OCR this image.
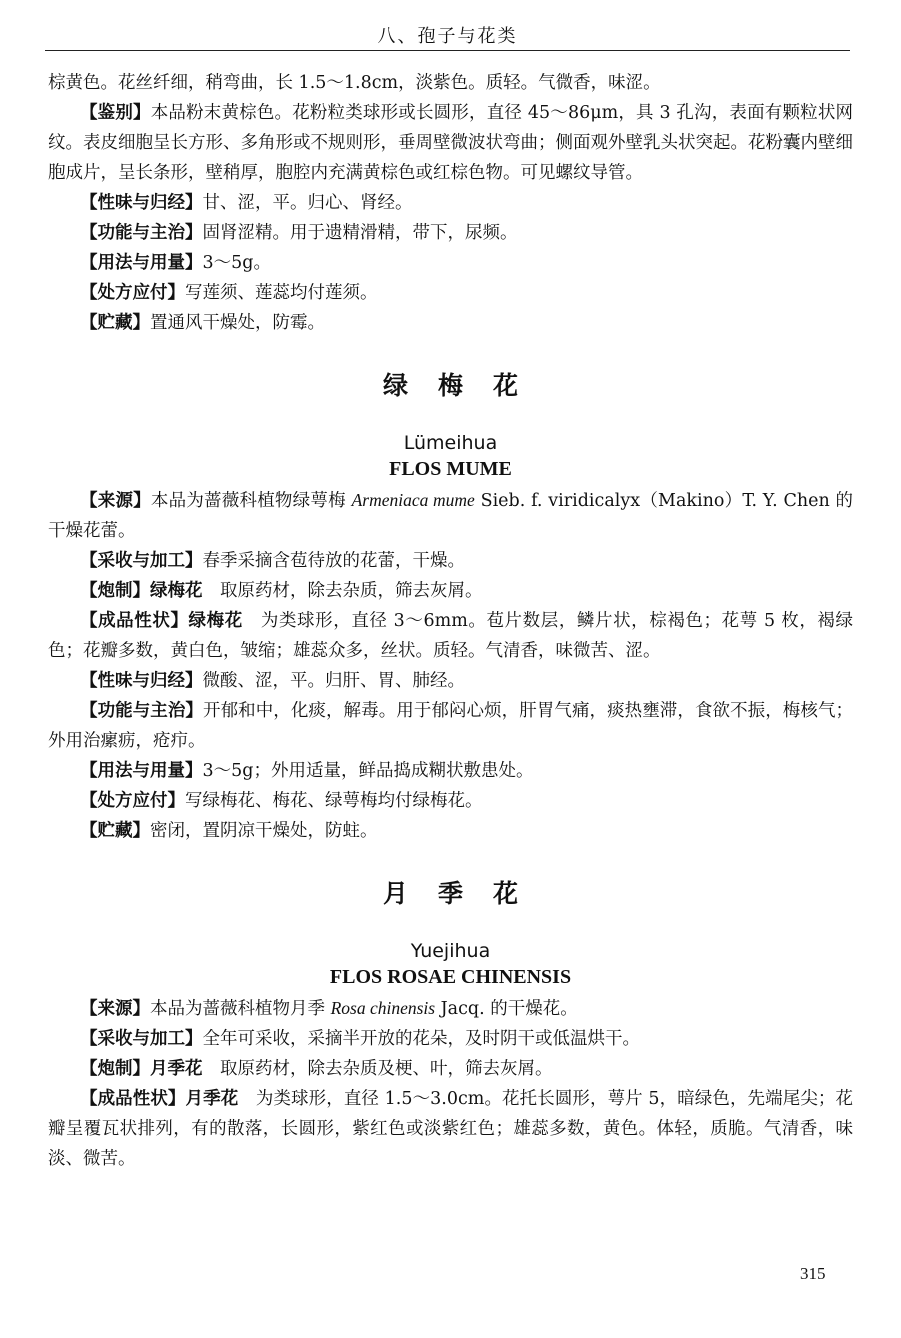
八、孢子与花类

棕黄色。花丝纤细，稍弯曲，长 1.5～1.8cm，淡紫色。质轻。气微香，味涩。

【鉴别】本品粉末黄棕色。花粉粒类球形或长圆形，直径 45～86μm，具 3 孔沟，表面有颗粒状网纹。表皮细胞呈长方形、多角形或不规则形，垂周壁微波状弯曲；侧面观外壁乳头状突起。花粉囊内壁细胞成片，呈长条形，壁稍厚，胞腔内充满黄棕色或红棕色物。可见螺纹导管。

【性味与归经】甘、涩，平。归心、肾经。

【功能与主治】固肾涩精。用于遗精滑精，带下，尿频。

【用法与用量】3～5g。

【处方应付】写莲须、莲蕊均付莲须。

【贮藏】置通风干燥处，防霉。

绿梅花

Lümeihua

FLOS MUME

【来源】本品为蔷薇科植物绿萼梅 Armeniaca mume Sieb. f. viridicalyx（Makino）T. Y. Chen 的干燥花蕾。

【采收与加工】春季采摘含苞待放的花蕾，干燥。

【炮制】绿梅花　取原药材，除去杂质，筛去灰屑。

【成品性状】绿梅花　为类球形，直径 3～6mm。苞片数层，鳞片状，棕褐色；花萼 5 枚，褐绿色；花瓣多数，黄白色，皱缩；雄蕊众多，丝状。质轻。气清香，味微苦、涩。

【性味与归经】微酸、涩，平。归肝、胃、肺经。

【功能与主治】开郁和中，化痰，解毒。用于郁闷心烦，肝胃气痛，痰热壅滞，食欲不振，梅核气；外用治瘰疬，疮疖。

【用法与用量】3～5g；外用适量，鲜品捣成糊状敷患处。

【处方应付】写绿梅花、梅花、绿萼梅均付绿梅花。

【贮藏】密闭，置阴凉干燥处，防蛀。

月季花

Yuejihua

FLOS ROSAE CHINENSIS

【来源】本品为蔷薇科植物月季 Rosa chinensis Jacq. 的干燥花。

【采收与加工】全年可采收，采摘半开放的花朵，及时阴干或低温烘干。

【炮制】月季花　取原药材，除去杂质及梗、叶，筛去灰屑。

【成品性状】月季花　为类球形，直径 1.5～3.0cm。花托长圆形，萼片 5，暗绿色，先端尾尖；花瓣呈覆瓦状排列，有的散落，长圆形，紫红色或淡紫红色；雄蕊多数，黄色。体轻，质脆。气清香，味淡、微苦。

315
